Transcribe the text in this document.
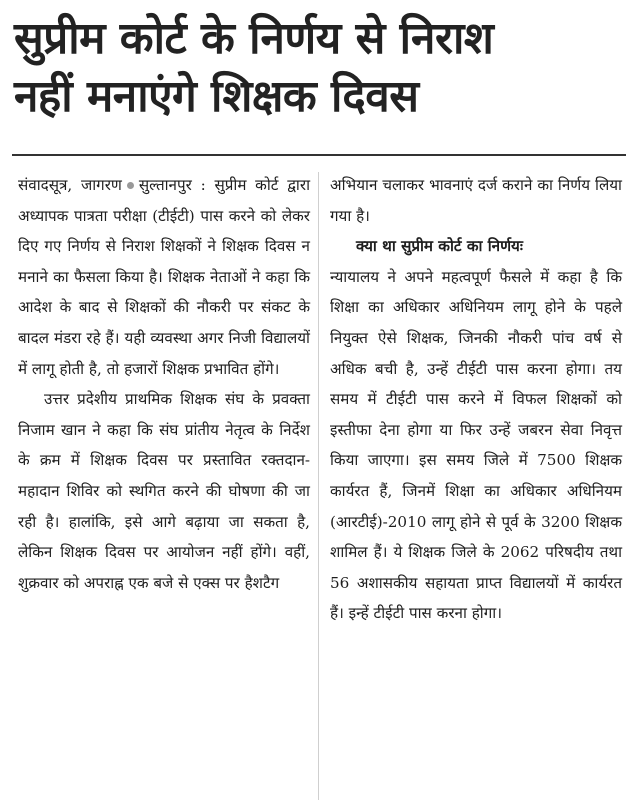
सुप्रीम कोर्ट के निर्णय से निराश
नहीं मनाएंगे शिक्षक दिवस

संवादसूत्र, जागरण सुल्तानपुर : सुप्रीम कोर्ट द्वारा अध्यापक पात्रता परीक्षा (टीईटी) पास करने को लेकर दिए गए निर्णय से निराश शिक्षकों ने शिक्षक दिवस न मनाने का फैसला किया है। शिक्षक नेताओं ने कहा कि आदेश के बाद से शिक्षकों की नौकरी पर संकट के बादल मंडरा रहे हैं। यही व्यवस्था अगर निजी विद्यालयों में लागू होती है, तो हजारों शिक्षक प्रभावित होंगे।

उत्तर प्रदेशीय प्राथमिक शिक्षक संघ के प्रवक्ता निजाम खान ने कहा कि संघ प्रांतीय नेतृत्व के निर्देश के क्रम में शिक्षक दिवस पर प्रस्तावित रक्तदान-महादान शिविर को स्थगित करने की घोषणा की जा रही है। हालांकि, इसे आगे बढ़ाया जा सकता है, लेकिन शिक्षक दिवस पर आयोजन नहीं होंगे। वहीं, शुक्रवार को अपराह्न एक बजे से एक्स पर हैशटैग

अभियान चलाकर भावनाएं दर्ज कराने का निर्णय लिया गया है।

क्या था सुप्रीम कोर्ट का निर्णयः

न्यायालय ने अपने महत्वपूर्ण फैसले में कहा है कि शिक्षा का अधिकार अधिनियम लागू होने के पहले नियुक्त ऐसे शिक्षक, जिनकी नौकरी पांच वर्ष से अधिक बची है, उन्हें टीईटी पास करना होगा। तय समय में टीईटी पास करने में विफल शिक्षकों को इस्तीफा देना होगा या फिर उन्हें जबरन सेवा निवृत्त किया जाएगा। इस समय जिले में 7500 शिक्षक कार्यरत हैं, जिनमें शिक्षा का अधिकार अधिनियम (आरटीई)-2010 लागू होने से पूर्व के 3200 शिक्षक शामिल हैं। ये शिक्षक जिले के 2062 परिषदीय तथा 56 अशासकीय सहायता प्राप्त विद्यालयों में कार्यरत हैं। इन्हें टीईटी पास करना होगा।
